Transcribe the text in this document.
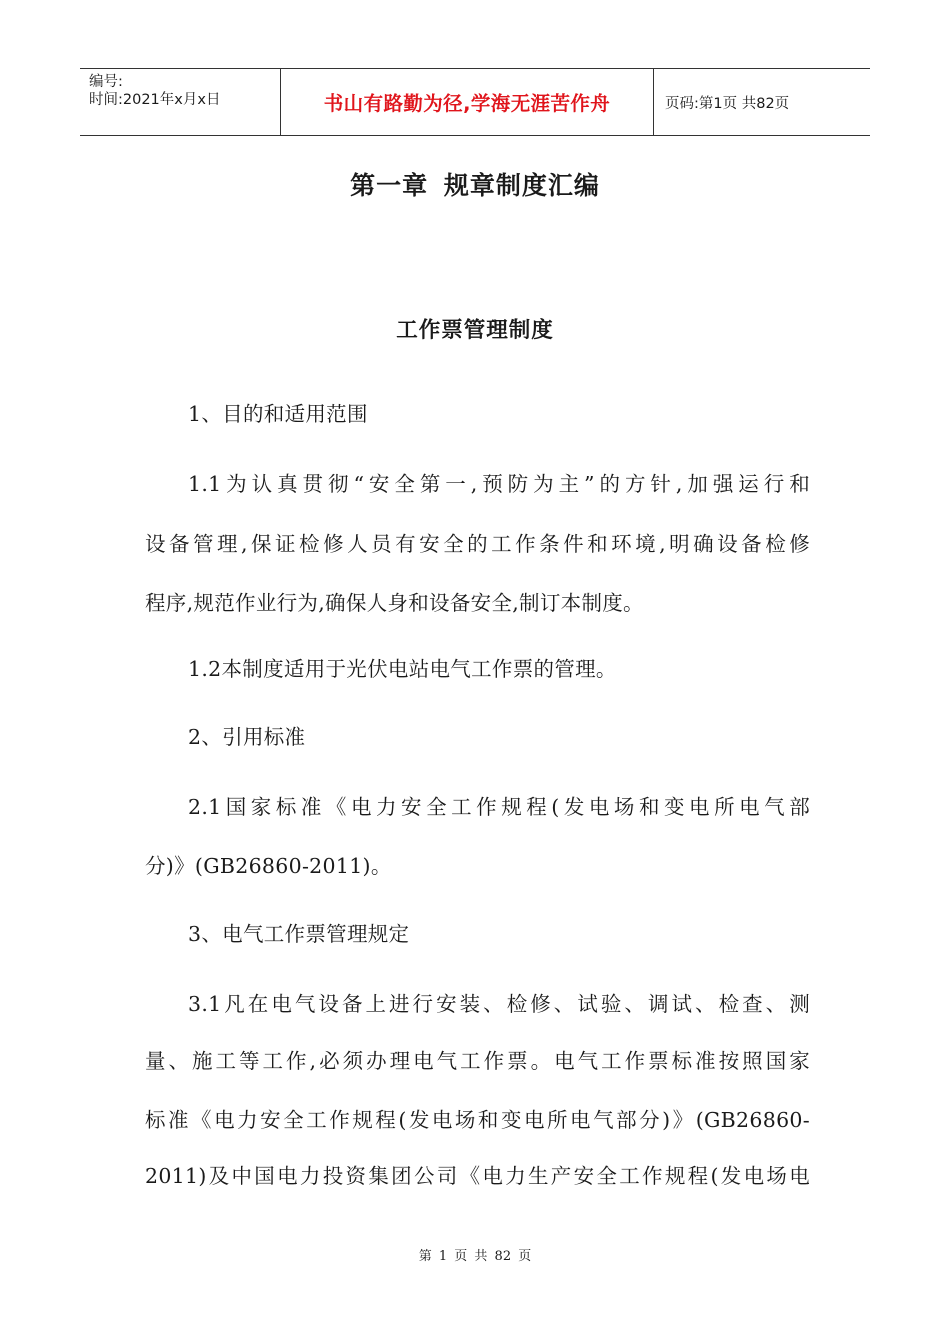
编号:
时间:2021年x月x日	书山有路勤为径,学海无涯苦作舟	页码:第1页 共82页
第一章 规章制度汇编
工作票管理制度
1、目的和适用范围
1.1为认真贯彻“安全第一,预防为主”的方针,加强运行和
设备管理,保证检修人员有安全的工作条件和环境,明确设备检修
程序,规范作业行为,确保人身和设备安全,制订本制度。
1.2本制度适用于光伏电站电气工作票的管理。
2、引用标准
2.1国家标准《电力安全工作规程(发电场和变电所电气部
分)》(GB26860-2011)。
3、电气工作票管理规定
3.1凡在电气设备上进行安装、检修、试验、调试、检查、测
量、施工等工作,必须办理电气工作票。电气工作票标准按照国家
标准《电力安全工作规程(发电场和变电所电气部分)》(GB26860-
2011)及中国电力投资集团公司《电力生产安全工作规程(发电场电
第 1 页 共 82 页
